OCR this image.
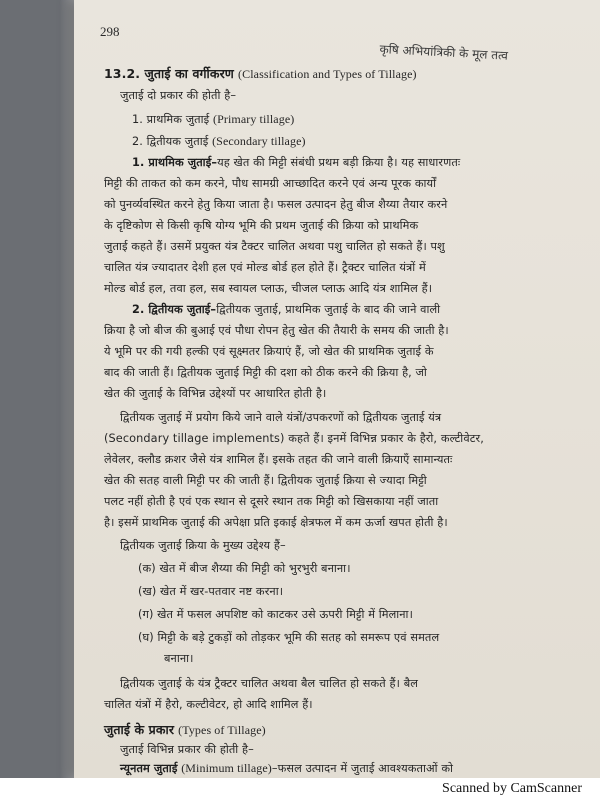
298
कृषि अभियांत्रिकी के मूल तत्व
13.2. जुताई का वर्गीकरण (Classification and Types of Tillage)
जुताई दो प्रकार की होती है–
1. प्राथमिक जुताई (Primary tillage)
2. द्वितीयक जुताई (Secondary tillage)
1. प्राथमिक जुताई–यह खेत की मिट्टी संबंधी प्रथम बड़ी क्रिया है। यह साधारणतः
मिट्टी की ताकत को कम करने, पौध सामग्री आच्छादित करने एवं अन्य पूरक कार्यों
को पुनर्व्यवस्थित करने हेतु किया जाता है। फसल उत्पादन हेतु बीज शैय्या तैयार करने
के दृष्टिकोण से किसी कृषि योग्य भूमि की प्रथम जुताई की क्रिया को प्राथमिक
जुताई कहते हैं। उसमें प्रयुक्त यंत्र टैक्टर चालित अथवा पशु चालित हो सकते हैं। पशु
चालित यंत्र ज्यादातर देशी हल एवं मोल्ड बोर्ड हल होते हैं। ट्रैक्टर चालित यंत्रों में
मोल्ड बोर्ड हल, तवा हल, सब स्वायल प्लाऊ, चीजल प्लाऊ आदि यंत्र शामिल हैं।
2. द्वितीयक जुताई–द्वितीयक जुताई, प्राथमिक जुताई के बाद की जाने वाली
क्रिया है जो बीज की बुआई एवं पौधा रोपन हेतु खेत की तैयारी के समय की जाती है।
ये भूमि पर की गयी हल्की एवं सूक्ष्मतर क्रियाएं हैं, जो खेत की प्राथमिक जुताई के
बाद की जाती हैं। द्वितीयक जुताई मिट्टी की दशा को ठीक करने की क्रिया है, जो
खेत की जुताई के विभिन्न उद्देश्यों पर आधारित होती है।
द्वितीयक जुताई में प्रयोग किये जाने वाले यंत्रों/उपकरणों को द्वितीयक जुताई यंत्र
(Secondary tillage implements) कहते हैं। इनमें विभिन्न प्रकार के हैरो, कल्टीवेटर,
लेवेलर, क्लौड क्रशर जैसे यंत्र शामिल हैं। इसके तहत की जाने वाली क्रियाएँ सामान्यतः
खेत की सतह वाली मिट्टी पर की जाती हैं। द्वितीयक जुताई क्रिया से ज्यादा मिट्टी
पलट नहीं होती है एवं एक स्थान से दूसरे स्थान तक मिट्टी को खिसकाया नहीं जाता
है। इसमें प्राथमिक जुताई की अपेक्षा प्रति इकाई क्षेत्रफल में कम ऊर्जा खपत होती है।
द्वितीयक जुताई क्रिया के मुख्य उद्देश्य हैं–
(क) खेत में बीज शैय्या की मिट्टी को भुरभुरी बनाना।
(ख) खेत में खर-पतवार नष्ट करना।
(ग) खेत में फसल अपशिष्ट को काटकर उसे ऊपरी मिट्टी में मिलाना।
(घ) मिट्टी के बड़े टुकड़ों को तोड़कर भूमि की सतह को समरूप एवं समतल
बनाना।
द्वितीयक जुताई के यंत्र ट्रैक्टर चालित अथवा बैल चालित हो सकते हैं। बैल
चालित यंत्रों में हैरो, कल्टीवेटर, हो आदि शामिल हैं।
जुताई के प्रकार (Types of Tillage)
जुताई विभिन्न प्रकार की होती है–
न्यूनतम जुताई (Minimum tillage)–फसल उत्पादन में जुताई आवश्यकताओं को
Scanned by CamScanner
